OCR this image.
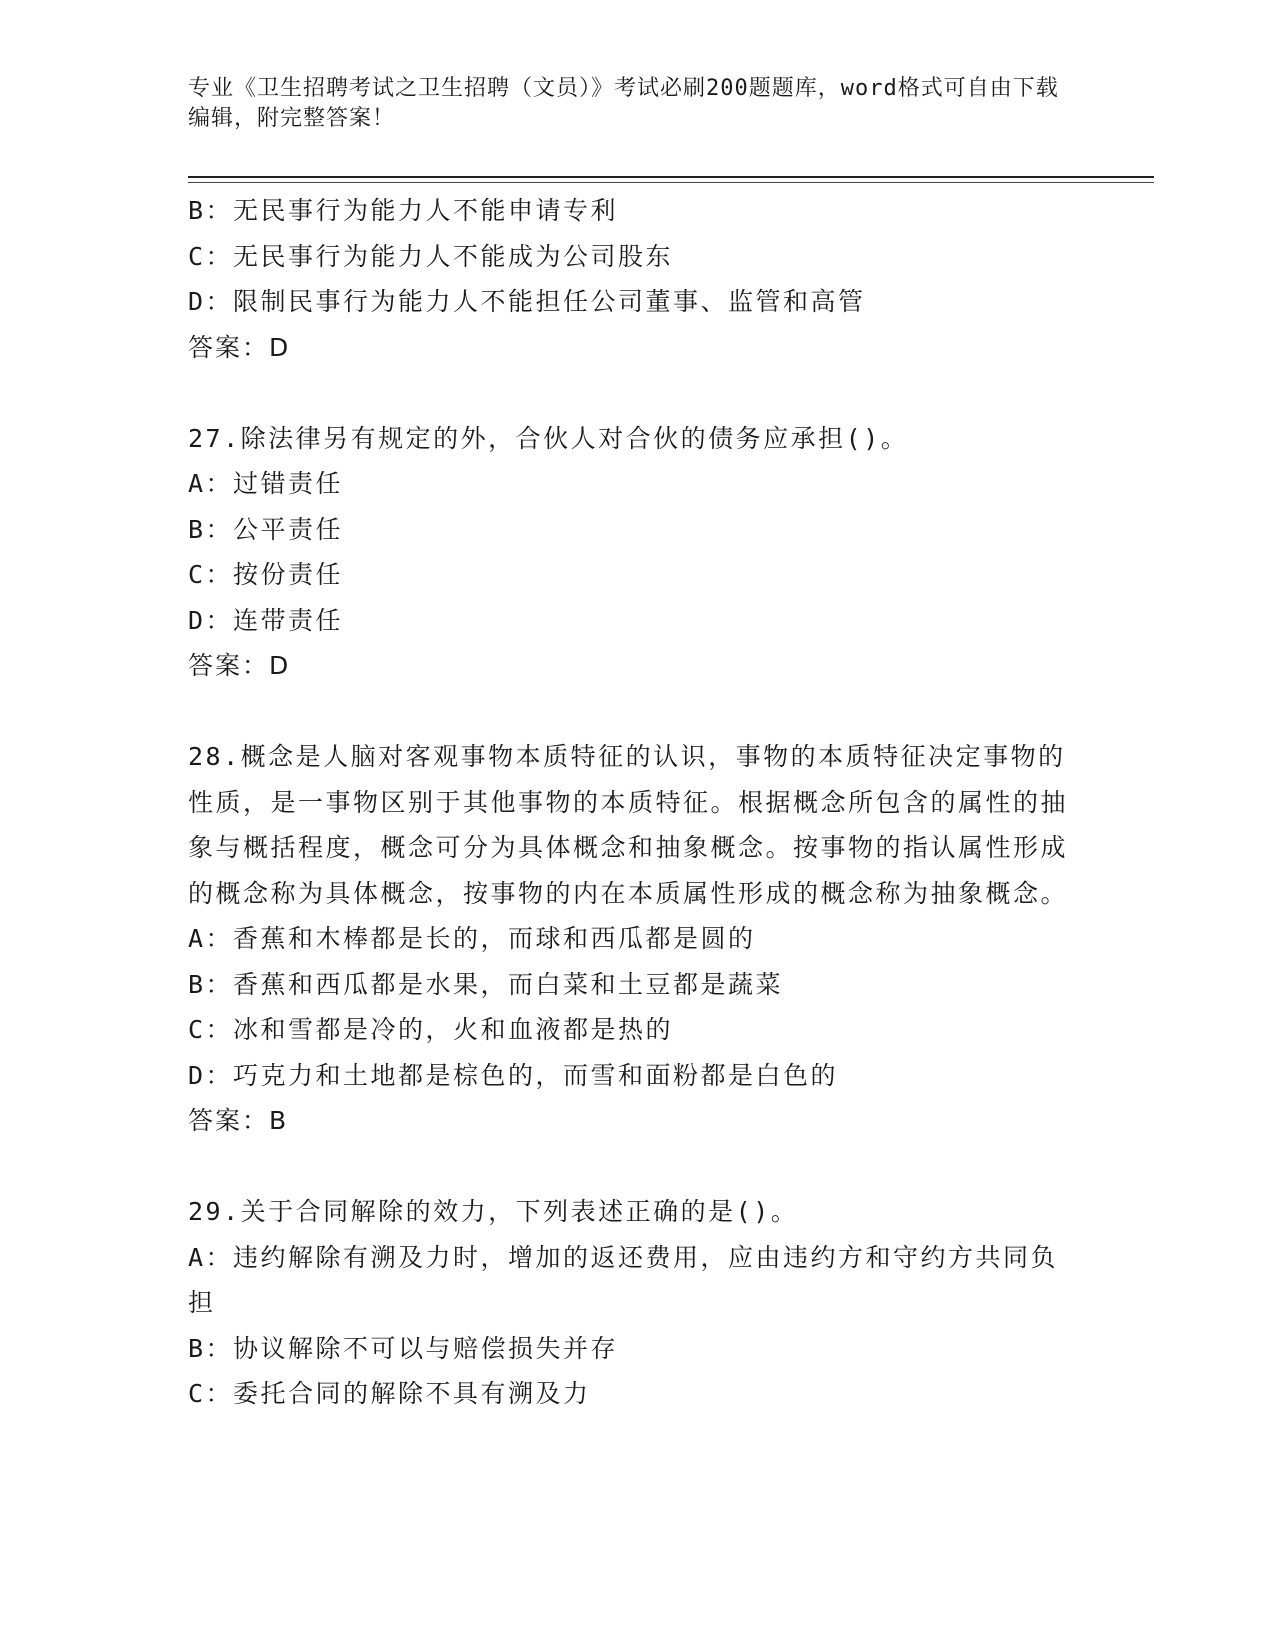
专业《卫生招聘考试之卫生招聘（文员）》考试必刷200题题库，word格式可自由下载编辑，附完整答案！
B：无民事行为能力人不能申请专利
C：无民事行为能力人不能成为公司股东
D：限制民事行为能力人不能担任公司董事、监管和高管
答案：D
27.除法律另有规定的外，合伙人对合伙的债务应承担()。
A：过错责任
B：公平责任
C：按份责任
D：连带责任
答案：D
28.概念是人脑对客观事物本质特征的认识，事物的本质特征决定事物的性质，是一事物区别于其他事物的本质特征。根据概念所包含的属性的抽象与概括程度，概念可分为具体概念和抽象概念。按事物的指认属性形成的概念称为具体概念，按事物的内在本质属性形成的概念称为抽象概念。
A：香蕉和木棒都是长的，而球和西瓜都是圆的
B：香蕉和西瓜都是水果，而白菜和土豆都是蔬菜
C：冰和雪都是冷的，火和血液都是热的
D：巧克力和土地都是棕色的，而雪和面粉都是白色的
答案：B
29.关于合同解除的效力，下列表述正确的是()。
A：违约解除有溯及力时，增加的返还费用，应由违约方和守约方共同负担
B：协议解除不可以与赔偿损失并存
C：委托合同的解除不具有溯及力
